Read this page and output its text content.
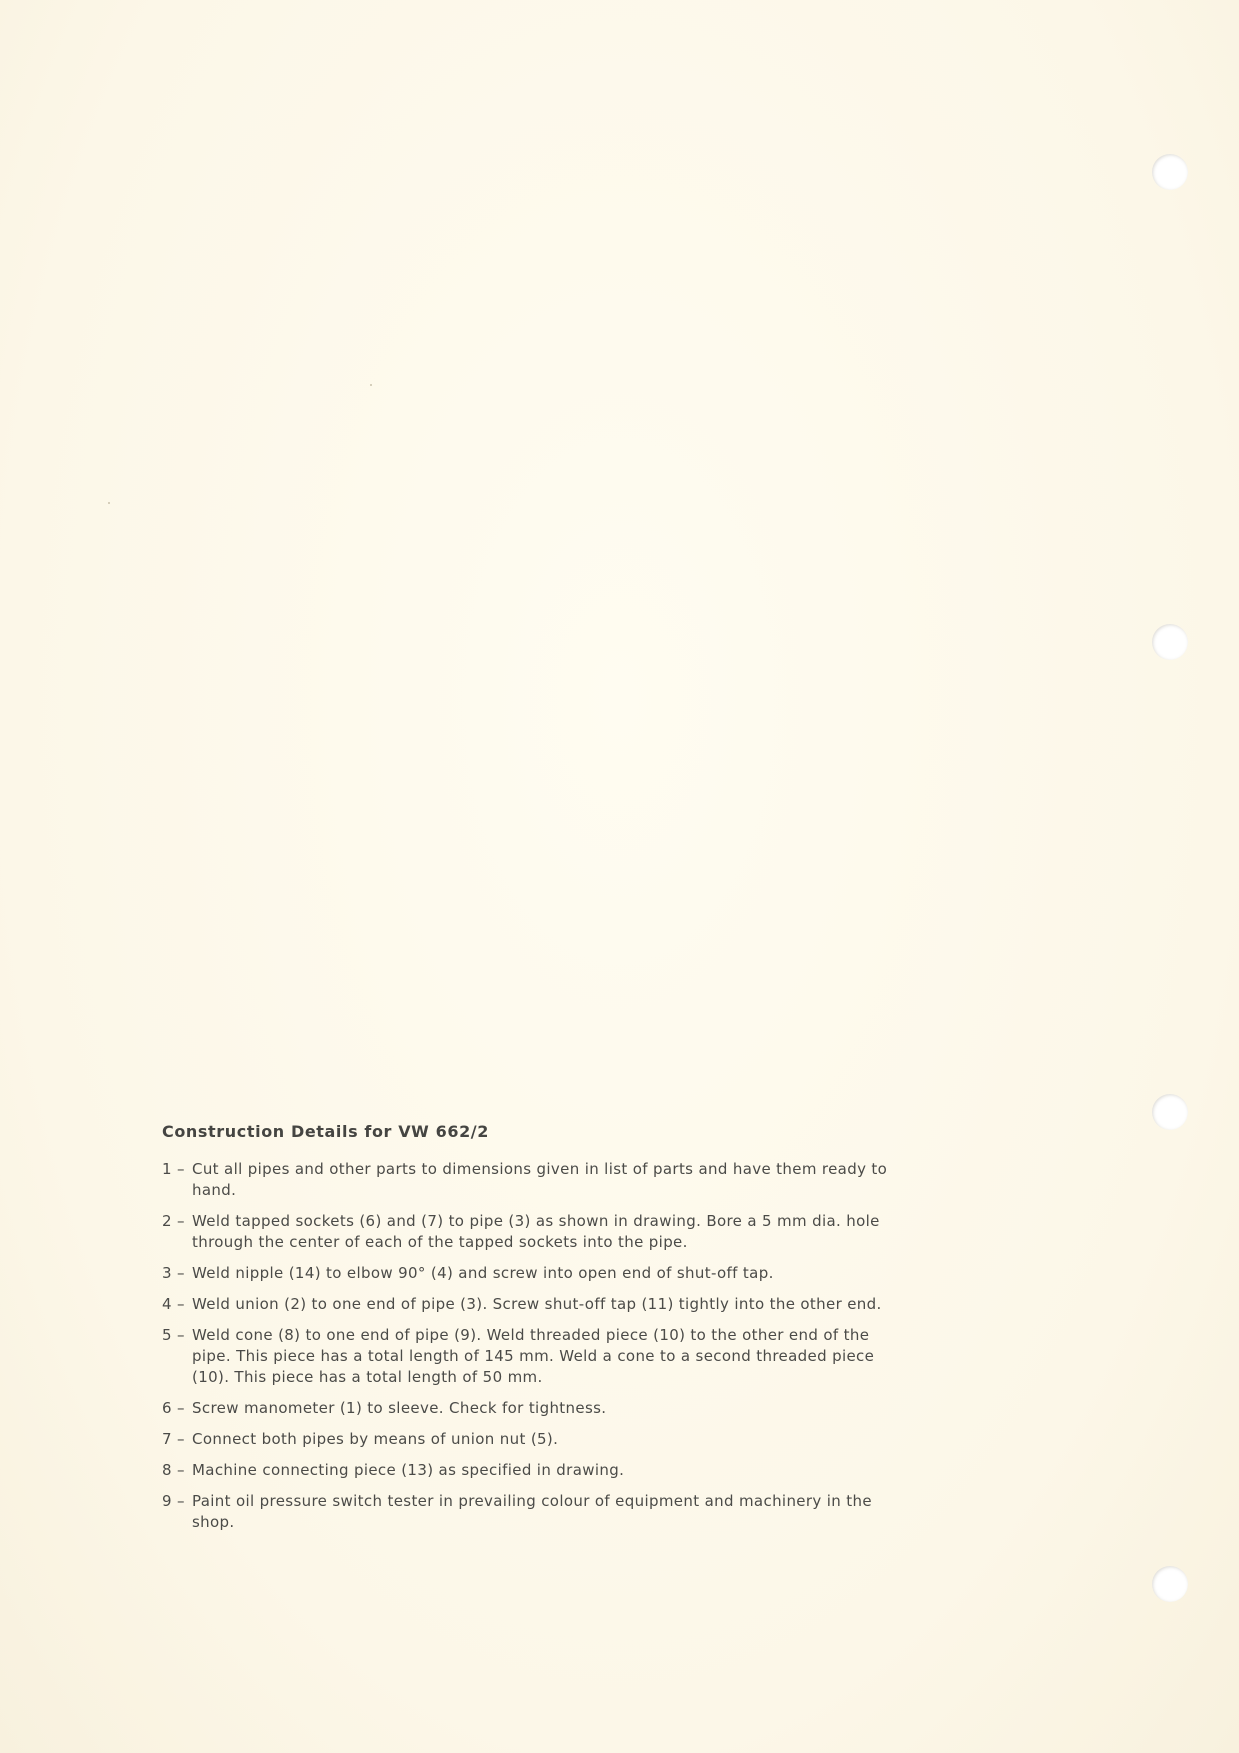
Construction Details for VW 662/2
1 – Cut all pipes and other parts to dimensions given in list of parts and have them ready to hand.
2 – Weld tapped sockets (6) and (7) to pipe (3) as shown in drawing. Bore a 5 mm dia. hole through the center of each of the tapped sockets into the pipe.
3 – Weld nipple (14) to elbow 90° (4) and screw into open end of shut-off tap.
4 – Weld union (2) to one end of pipe (3). Screw shut-off tap (11) tightly into the other end.
5 – Weld cone (8) to one end of pipe (9). Weld threaded piece (10) to the other end of the pipe. This piece has a total length of 145 mm. Weld a cone to a second threaded piece (10). This piece has a total length of 50 mm.
6 – Screw manometer (1) to sleeve. Check for tightness.
7 – Connect both pipes by means of union nut (5).
8 – Machine connecting piece (13) as specified in drawing.
9 – Paint oil pressure switch tester in prevailing colour of equipment and machinery in the shop.
